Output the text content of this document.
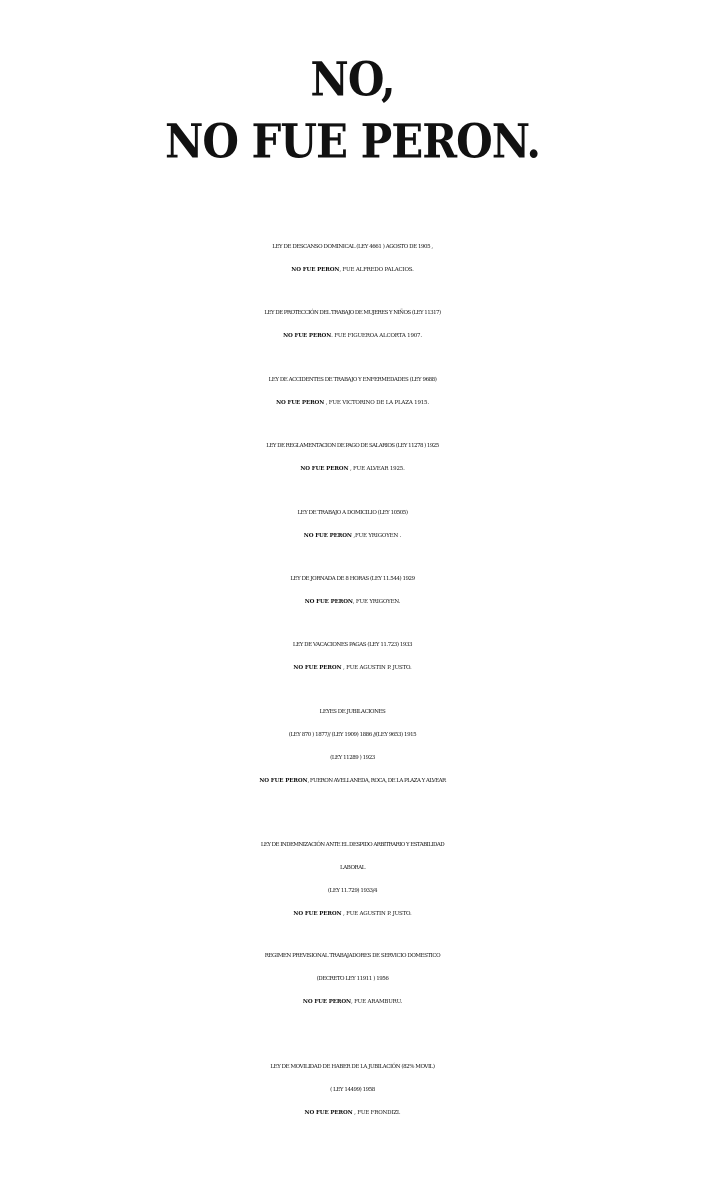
NO,
NO FUE PERON.
LEY DE DESCANSO DOMINICAL (LEY 4661 ) AGOSTO DE 1905 ,
NO FUE PERON, FUE ALFREDO PALACIOS.
LEY DE PROTECCIÓN DEL TRABAJO DE MUJERES Y NIÑOS (LEY 11317)
NO FUE PERON. FUE FIGUEROA ALCORTA 1907.
LEY DE ACCIDENTES DE TRABAJO Y ENFERMEDADES (LEY 9688)
NO FUE PERON , FUE VICTORINO DE LA PLAZA 1915.
LEY DE REGLAMENTACION DE PAGO DE SALARIOS (LEY 11278 ) 1925
NO FUE PERON , FUE ALVEAR 1925.
LEY DE TRABAJO A DOMICILIO (LEY 10505)
NO FUE PERON ,FUE YRIGOYEN .
LEY DE JORNADA DE 8 HORAS (LEY 11.544) 1929
NO FUE PERON, FUE YRIGOYEN.
LEY DE VACACIONES PAGAS (LEY 11.723) 1933
NO FUE PERON , FUE AGUSTIN P. JUSTO.
LEYES DE JUBILACIONES
(LEY 870 ) 1877// (LEY 1909) 1886 //(LEY 9653) 1915
(LEY 11289 ) 1923
NO FUE PERON, FUERON AVELLANEDA, ROCA, DE LA PLAZA Y ALVEAR
LEY DE INDEMNIZACIÓN ANTE EL DESPIDO ARBITRARIO Y ESTABILIDAD
LABORAL
(LEY 11.729) 1933/4
NO FUE PERON , FUE AGUSTIN P. JUSTO.
REGIMEN PREVISIONAL TRABAJADORES DE SERVICIO DOMESTICO
(DECRETO LEY 11911 ) 1956
NO FUE PERON, FUE ARAMBURU.
LEY DE MOVILIDAD DE HABER DE LA JUBILACIÓN (82% MOVIL)
( LEY 14499) 1958
NO FUE PERON , FUE FRONDIZI.
